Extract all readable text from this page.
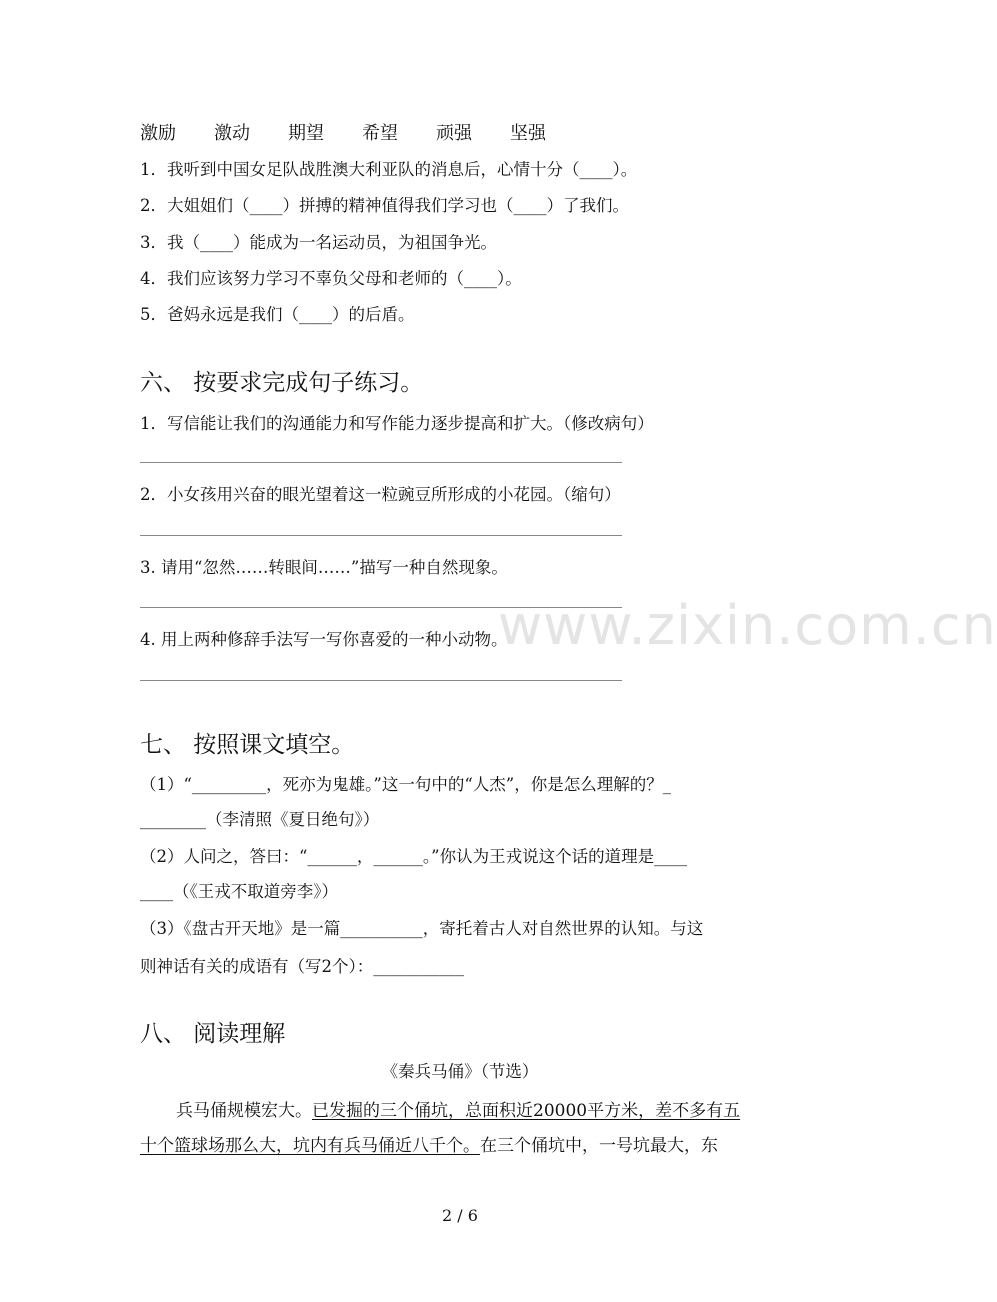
www.zixin.com.cn
激励 激动 期望 希望 顽强 坚强
1．我听到中国女足队战胜澳大利亚队的消息后，心情十分（____）。
2．大姐姐们（____）拼搏的精神值得我们学习也（____）了我们。
3．我（____）能成为一名运动员，为祖国争光。
4．我们应该努力学习不辜负父母和老师的（____）。
5．爸妈永远是我们（____）的后盾。
六、 按要求完成句子练习。
1．写信能让我们的沟通能力和写作能力逐步提高和扩大。（修改病句）
2．小女孩用兴奋的眼光望着这一粒豌豆所形成的小花园。（缩句）
3. 请用“忽然……转眼间……”描写一种自然现象。
4. 用上两种修辞手法写一写你喜爱的一种小动物。
七、 按照课文填空。
（1）“_________，死亦为鬼雄。”这一句中的“人杰”，你是怎么理解的？_
________（李清照《夏日绝句》）
（2）人问之，答曰：“______，______。”你认为王戎说这个话的道理是____
____（《王戎不取道旁李》）
（3）《盘古开天地》是一篇__________，寄托着古人对自然世界的认知。与这
则神话有关的成语有（写2个）：___________
八、 阅读理解
《秦兵马俑》（节选）
兵马俑规模宏大。已发掘的三个俑坑，总面积近20000平方米，差不多有五
十个篮球场那么大，坑内有兵马俑近八千个。在三个俑坑中，一号坑最大，东
2 / 6
